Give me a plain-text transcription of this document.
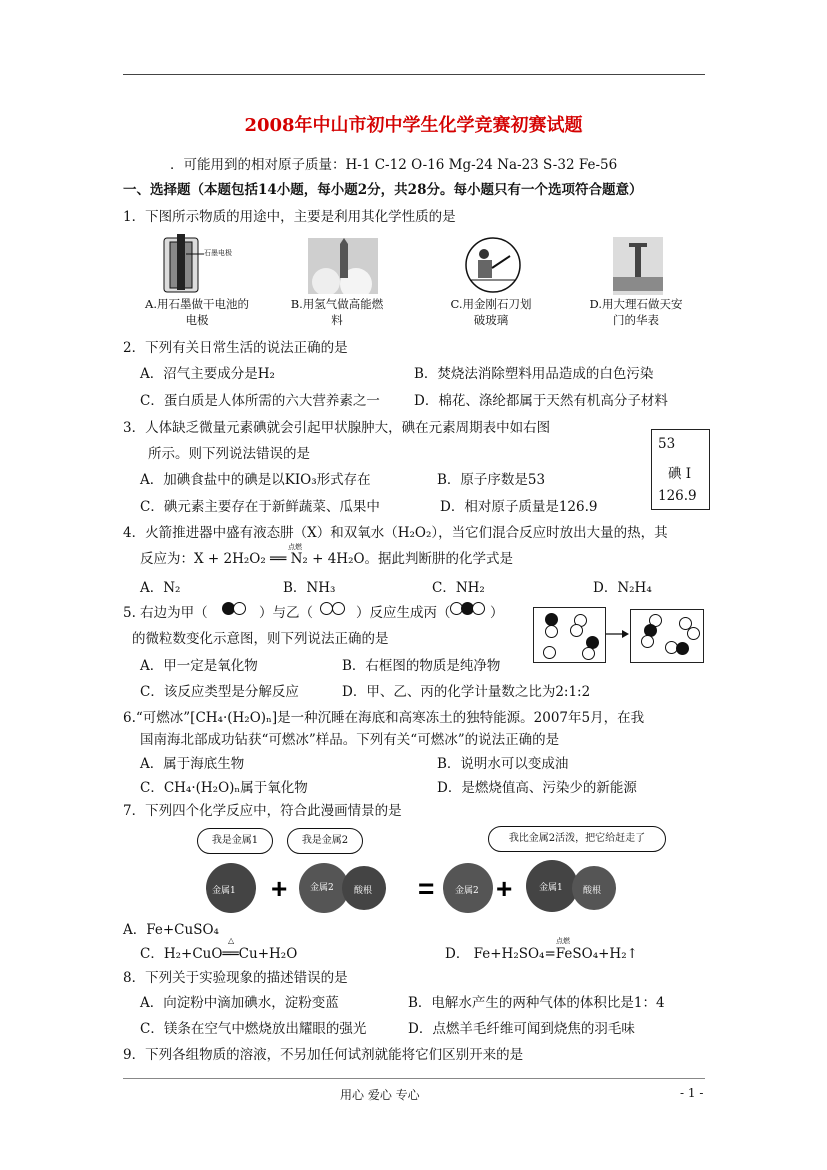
2008年中山市初中学生化学竞赛初赛试题
．可能用到的相对原子质量：H-1 C-12 O-16 Mg-24 Na-23 S-32 Fe-56
一、选择题（本题包括14小题，每小题2分，共28分。每小题只有一个选项符合题意）
1．下图所示物质的用途中，主要是利用其化学性质的是
石墨电极
A.用石墨做干电池的电极
B.用氢气做高能燃料
C.用金刚石刀划破玻璃
D.用大理石做天安门的华表
2．下列有关日常生活的说法正确的是
A．沼气主要成分是H₂	B．焚烧法消除塑料用品造成的白色污染
C．蛋白质是人体所需的六大营养素之一	D．棉花、涤纶都属于天然有机高分子材料
3．人体缺乏微量元素碘就会引起甲状腺肿大，碘在元素周期表中如右图
所示。则下列说法错误的是
A．加碘食盐中的碘是以KIO₃形式存在	B．原子序数是53
C．碘元素主要存在于新鲜蔬菜、瓜果中	D．相对原子质量是126.9
53
碘 I
126.9
4．火箭推进器中盛有液态肼（X）和双氧水（H₂O₂），当它们混合反应时放出大量的热，其
反应为：X + 2H₂O₂ ══ N₂ + 4H₂O。据此判断肼的化学式是
点燃
A．N₂	B．NH₃	C．NH₂	D．N₂H₄
5. 右边为甲（	）与乙（	）反应生成丙（	）
的微粒数变化示意图，则下列说法正确的是
A．甲一定是氧化物	B．右框图的物质是纯净物
C．该反应类型是分解反应	D．甲、乙、丙的化学计量数之比为2:1:2
6.“可燃冰”[CH₄·(H₂O)ₙ]是一种沉睡在海底和高寒冻土的独特能源。2007年5月，在我
国南海北部成功钻获“可燃冰”样品。下列有关“可燃冰”的说法正确的是
A．属于海底生物	B．说明水可以变成油
C．CH₄·(H₂O)ₙ属于氧化物	D．是燃烧值高、污染少的新能源
7．下列四个化学反应中，符合此漫画情景的是
我是金属1	我是金属2	我比金属2活泼，把它给赶走了
+	= +
金属1	金属2 酸根	金属2	金属1 酸根
A．Fe+CuSO₄
C．H₂+CuO══Cu+H₂O
△
D． Fe+H₂SO₄=FeSO₄+H₂↑
点燃
8．下列关于实验现象的描述错误的是
A．向淀粉中滴加碘水，淀粉变蓝	B．电解水产生的两种气体的体积比是1：4
C．镁条在空气中燃烧放出耀眼的强光	D．点燃羊毛纤维可闻到烧焦的羽毛味
9．下列各组物质的溶液，不另加任何试剂就能将它们区别开来的是
用心 爱心 专心	- 1 -
